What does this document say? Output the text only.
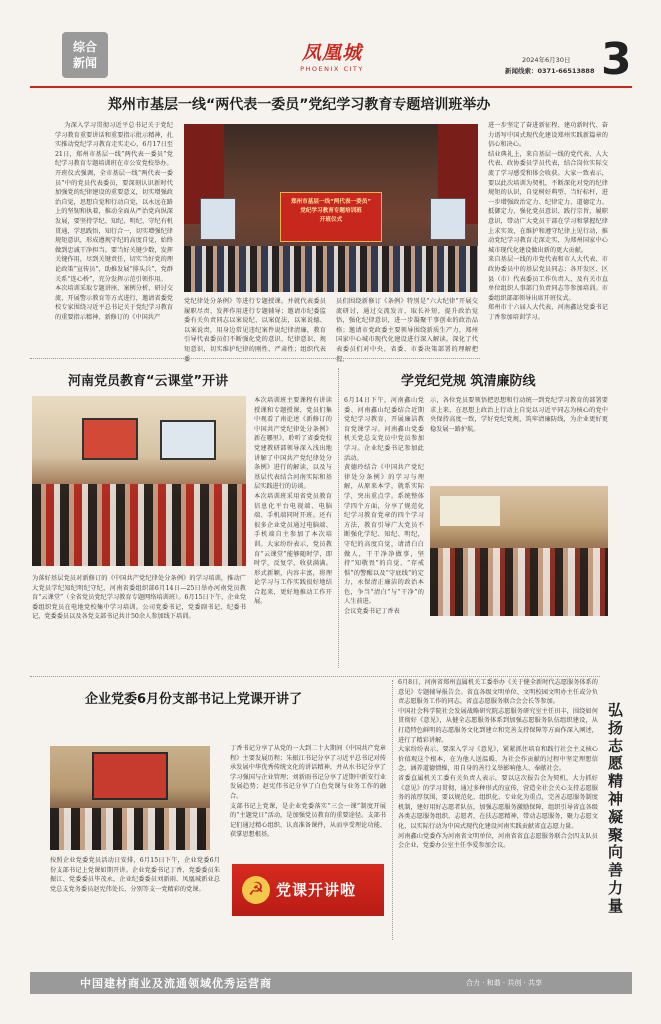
综合
新闻	凤凰城
PHOENIX CITY
2024年6月30日
新闻线索：0371-66513888 3
郑州市基层一线“两代表一委员”党纪学习教育专题培训班举办
为深入学习贯彻习近平总书记关于党纪学习教育重要讲话和重要指示批示精神，扎实推动党纪学习教育走实走心，6月17日至21日，郑州市基层一线“两代表一委员”党纪学习教育专题培训班在市公安党校举办。
开班仪式强调，全市基层一线“两代表一委员”中的党员代表委员，要深刻认识新时代加强党的纪律建设的重要意义，切实增强政治自觉，思想自觉和行动自觉，以永远在路上的坚韧和执着，推动全面从严治党向纵深发展，要坚持学纪、知纪、明纪、守纪有机贯通，学思践悟，知行合一，切实增强纪律规矩意识，形成遵规守纪的高度自觉，始终做到忠诚干净担当。要当好关键少数，发挥关键作用，尽到关键责任，切实当好党的理论政策“宣传员”，助推发展“排头兵”，党群关系“连心桥”，充分发挥示范引领作用。
本次培训采取专题讲座、案例分析、研讨交流、开展警示教育等方式进行，邀请省委党校专家围绕习近平总书记关于党纪学习教育的重要指示精神、新修订的《中国共产
郑州市基层一线“两代表一委员”
党纪学习教育专题培训班
开班仪式
党纪律处分条例》等进行专题授课。并就代表委员履职尽责、发挥作用进行专题辅导；邀请市纪委监委有关负责同志以案说纪、以案促法，以案说德、以案说责，用身边常见违纪案件说纪律清廉，教育引导代表委员们不断强化党的意识、纪律意识，规矩意识，切实维护纪律的刚性、严肃性；组织代表委
员们围绕新修订《条例》特别是“六大纪律”开展交流研讨，通过交流发言、取长补短，提升政治觉悟，强化纪律意识，进一步凝聚干事创业的政治品格；邀请市党政委主要领导围绕新质生产力，郑州国家中心城市现代化建设进行深入解读。深化了代表委员们对中央、省委、市委决策部署的理解把握，
进一步坚定了奋进新征程、建功新时代、奋力谱写中国式现代化建设郑州实践新篇章的信心和决心。
结业典礼上，来自基层一线的党代表、人大代表、政协委员学员代表，结合岗位实际交流了学习感受和体会收获。大家一致表示，要以此次培训为契机，不断深化对党的纪律规矩的认识，自觉树好典型、当好标杆，进一步增强政治定力、纪律定力、道德定力、抵御定力，强化党员意识、践行宗旨，履职意识，带动广大党员干部在学习和掌握纪律上求实效，在维护和遵守纪律上见行动，推动党纪学习教育走深走实，为郑州国家中心城市现代化建设做出新的更大贡献。
来自基层一线的市党代表和市人大代表、市政协委员中的基层党员同志；各开发区、区县（市）代表委员工作负责人，及有关市直单位组织人事部门负责同志等参加培训。市委组织部部领导出席开班仪式。
郑州市十六届人大代表、河南鑫达党委书记丁香参加培训学习。
河南党员教育“云课堂”开讲
为落好基层党员对新修订的《中国共产党纪律处分条例》的学习培训，推动广大党员学纪知纪明纪守纪，河南省委组织部6月14日—25日举办河南党员教育“云课堂”（全省党员党纪学习教育专题网络培训班）。6月15日下午，企业党委组织党员在电地党校集中学习培训。公司党委书记，党委副书记、纪委书记，党委委员以及各党支部书记共计50余人参加线下培训。
本次培训班主要课程有讲读授课和专题授课，党员们集中观看了南论述《新修订的中国共产党纪律处分条例》新在哪里》，聆听了省委党校党建教研部领导深入浅出地讲解了中国共产党纪律处分条例》进行的解读，以及与基层代表结合河南实际和基层实践进行的访谈。
本次培训班采用省党员教育信息化平台电视端、电脑端、手机端同时开班。还有很多企业党员通过电脑端、手机端自主参加了本次培训。大家纷纷表示，党员教育“云课堂”能够随时学，即时学，反复学，收获满满。形式新颖，内容丰富，将理论学习与工作实践很好地结合起来，更好地推动工作开展。
学党纪党规 筑清廉防线
6月14日下午，河南鑫山党委、河南鑫山纪委结合近期党纪学习教育，开展廉洁教育党课学习。河南鑫山党委机关党总支党员中党员参加学习。企业纪委书记参加此活动。
黄德玲结合《中国共产党纪律处分条例》的学习与理解，从原来本学，就系实际学，突出重点学。系统整体学四个方面，分享了规范化纪学习教育党章的四个学习方法，教育引导广大党员不断强化学纪、知纪、明纪，守纪的高度自觉，请清白白做人，干干净净做事，坚持“知敬畏”的自觉、“存戒惧”的警醒以及“守底线”的定力，永保清正廉洁的政治本色，争当“清白”与“干净”的人生前进。
会议党委书记丁香表
示，各位党员要领悟把思想和行动统一到党纪学习教育的部署要求上来，在思想上政治上行动上自觉以习近平同志为核心的党中央保持高度一致，学好党纪党规，筑牢清廉防线，为企业更好更稳发展一路护航。
企业党委6月份支部书记上党课开讲了
按照企业党委党员活动日安排，6月15日下午，企业党委6月份支部书记上党课如期开讲。企业党委书记丁香、党委委员朱振江、党委委员毕茂永，企业纪委委员刘新雨、凤凰城新业总党总支党务委员赵宪伟处长、分别等支一党精彩的党课。
丁香书记分享了从党的一大到二十大期间《中国共产党章程》主要发展历程；朱振江书记分享了习近平总书记对传承发展中华优秀传统文化的讲话精神，并从水书记分享了学习强国与企业管理；刘新雨书记分享了近期中新安行业发展趋势；赵宪伟书记分享了白色党课与业务工作的融合。
支部书记上党课，是企业党委落实“三会一课”制度开展的“主题党日”活动，是加强党员教育的重要途径。支部书记们通过精心组织、认真准备课件，从而享受理论功能、获掌思想根基。
☭ 党课开讲啦
6月8日，河南省郑州直属机关工委举办《关于健全新时代志愿服务体系的意见》专题辅导报告会。省直各级文明单位、文明校园文明办主任或分负责志愿服务工作的同志，省直志愿服务联合会会长等参加。
中国社会科学院社会发展战略研究院志愿服务研究室主任田丰，围绕如何贯彻好《意见》，从健全志愿服务体系到加强志愿服务队伍组织建设，从打造特色鲜明的志愿服务文化到建立和完善支持保障等方面作深入阐述，进行了精彩讲解。
大家纷纷表示，要深入学习《意见》，紧紧抓住培育和践行社会主义核心价值观这个根本，在为他人送温暖、为社会作贡献的过程中坚定理想信念，涵养道德情操，用自身的善行义举影响他人、奉献社会。
省委直属机关工委有关负责人表示，要以这次报告会为契机，大力抓好《意见》的学习贯彻，通过多种形式的宣传，营造全社会关心支持志愿服务的浓厚氛围，要以规范化、组织化、专业化为重点，完善志愿服务制度机制，建好用好志愿者队伍，加强志愿服务激励保障，组织引导省直各级各类志愿服务组织、志愿者，在扶志愿精神，带动志愿服务，聚力志愿文化，以实际行动为中国式现代化建设河南实践贡献省直志愿力量。
河南鑫山党委作为河南省文明单位，河南省省直志愿服务联合会四支队员会企业，党委办公室主任李爱参加会议。
弘扬志愿精神 凝聚向善力量
中国建材商业及流通领域优秀运营商	合力 · 和谐 · 共创 · 共享
